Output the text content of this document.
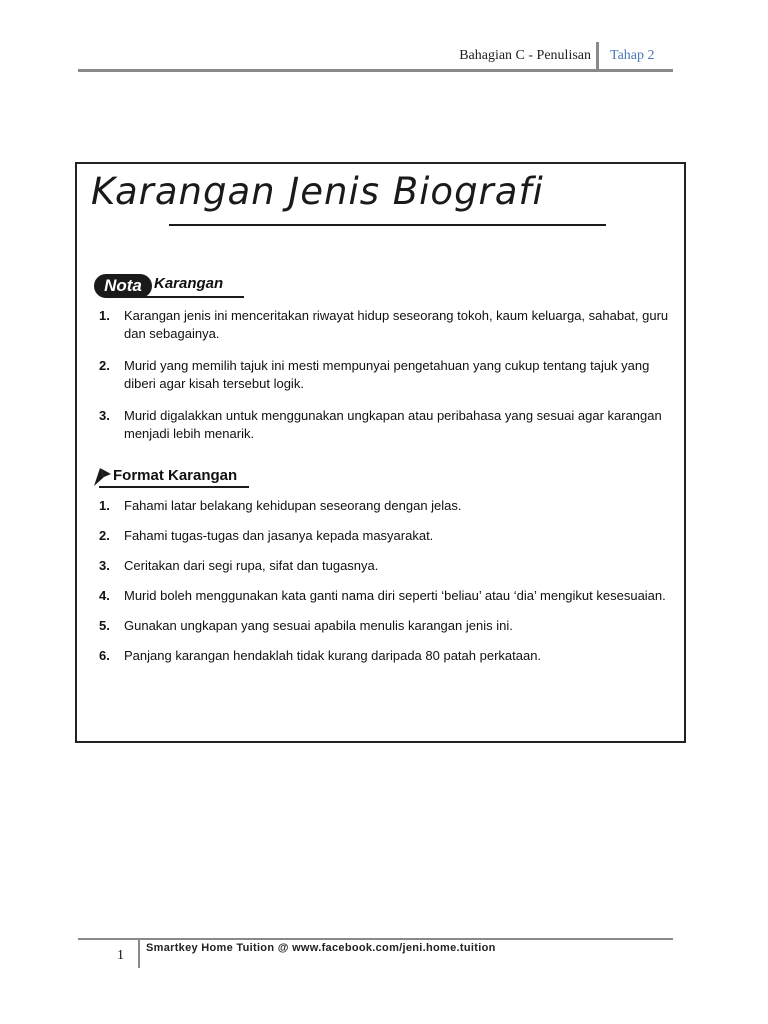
Bahagian C - Penulisan Tahap 2
Karangan Jenis Biografi
Nota Karangan
1. Karangan jenis ini menceritakan riwayat hidup seseorang tokoh, kaum keluarga, sahabat, guru dan sebagainya.
2. Murid yang memilih tajuk ini mesti mempunyai pengetahuan yang cukup tentang tajuk yang diberi agar kisah tersebut logik.
3. Murid digalakkan untuk menggunakan ungkapan atau peribahasa yang sesuai agar karangan menjadi lebih menarik.
Format Karangan
1. Fahami latar belakang kehidupan seseorang dengan jelas.
2. Fahami tugas-tugas dan jasanya kepada masyarakat.
3. Ceritakan dari segi rupa, sifat dan tugasnya.
4. Murid boleh menggunakan kata ganti nama diri seperti ‘beliau’ atau ‘dia’ mengikut kesesuaian.
5. Gunakan ungkapan yang sesuai apabila menulis karangan jenis ini.
6. Panjang karangan hendaklah tidak kurang daripada 80 patah perkataan.
1 Smartkey Home Tuition @ www.facebook.com/jeni.home.tuition
